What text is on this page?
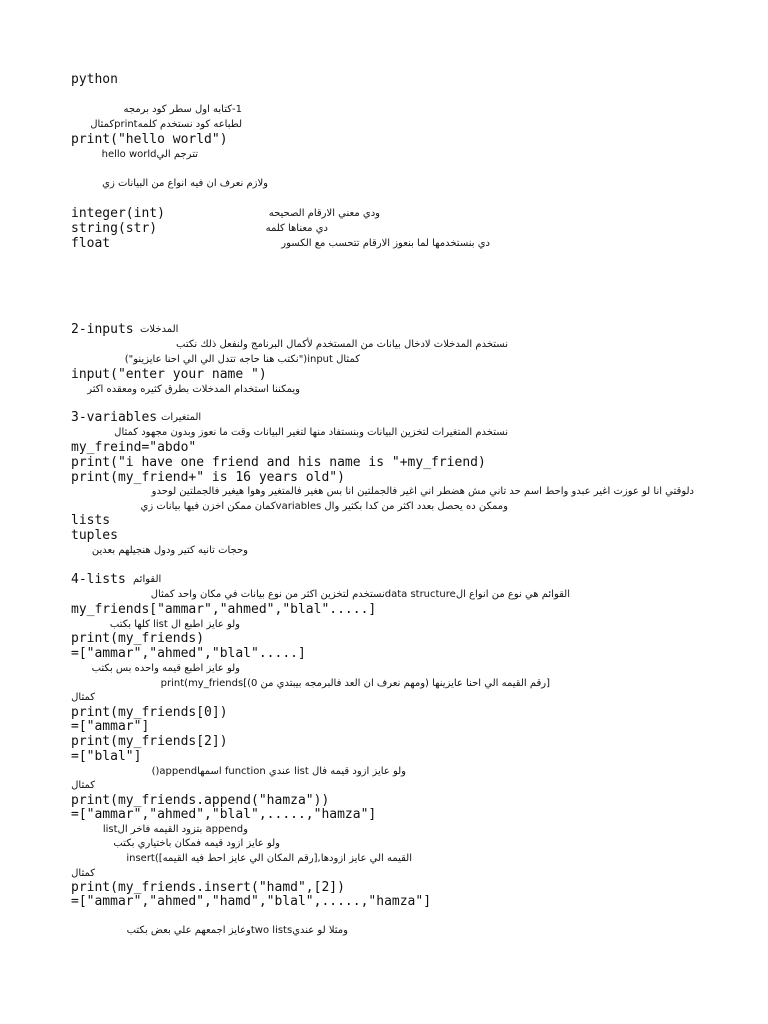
python
1-كتابه اول سطر كود برمجه
لطباعه كود نستخدم كلمهprintكمثال
print("hello world")
تترجم اليhello world
ولازم نعرف ان فيه انواع من البيانات زي
integer(int)	ودي معني الارقام الصحيحه
string(str)	دي معناها كلمه
float	دي بنستخدمها لما بنعوز الارقام تتحسب مع الكسور
2-inputs المدخلات
نستخدم المدخلات لادخال بيانات من المستخدم لأكمال البرنامج ولنفعل ذلك نكتب
كمثال input("نكتب هنا حاجه تتدل الي الي احنا عايزينو")
input("enter your name ")
ويمكننا استخدام المدخلات بطرق كثيره ومعقده اكثر
3-variables المتغيرات
نستخدم المتغيرات لتخزين البيانات وبنستفاد منها لتغير البيانات وقت ما نعوز وبدون مجهود كمثال
my_freind="abdo"
print("i have one friend and his name is "+my_friend)
print(my_friend+" is 16 years old")
دلوقتي انا لو عوزت اغير عبدو واحط اسم حد تاني مش هضطر اني اغير فالجملتين انا بس هغير فالمتغير وهوا هيغير فالجملتين لوحدو
وممكن ده يحصل بعدد اكثر من كدا بكثير وال variablesكمان ممكن اخزن فيها بيانات زي
lists
tuples
وحجات تانيه كتير ودول هنجيلهم بعدين
4-lists القوائم
القوائم هي نوع من انواع الdata structureنستخدم لتخزين اكثر من نوع بيانات في مكان واحد كمثال
my_friends["ammar","ahmed","blal".....]
ولو عايز اطبع ال list كلها بكتب
print(my_friends)
=["ammar","ahmed","blal".....]
ولو عايز اطبع قيمه واحده بس بكتب
print(my_friends[(0 رقم القيمه الي احنا عايزينها (ومهم نعرف ان العد فالبرمجه بيبتدي من]
كمثال
print(my_friends[0])
=["ammar"]
print(my_friends[2])
=["blal"]
ولو عايز ازود قيمه فال list عندي function اسمهاappend()
كمثال
print(my_friends.append("hamza"))
=["ammar","ahmed","blal",.....,"hamza"]
وappend بتزود القيمه فاخر الlist
ولو عايز ازود قيمه فمكان باختياري بكتب
insert(القيمه الي عايز ازودها,[رقم المكان الي عايز احط فيه القيمه]
كمثال
print(my_friends.insert("hamd",[2])
=["ammar","ahmed","hamd","blal",.....,"hamza"]
ومثلا لو عنديtwo listsوعايز اجمعهم علي بعض بكتب
